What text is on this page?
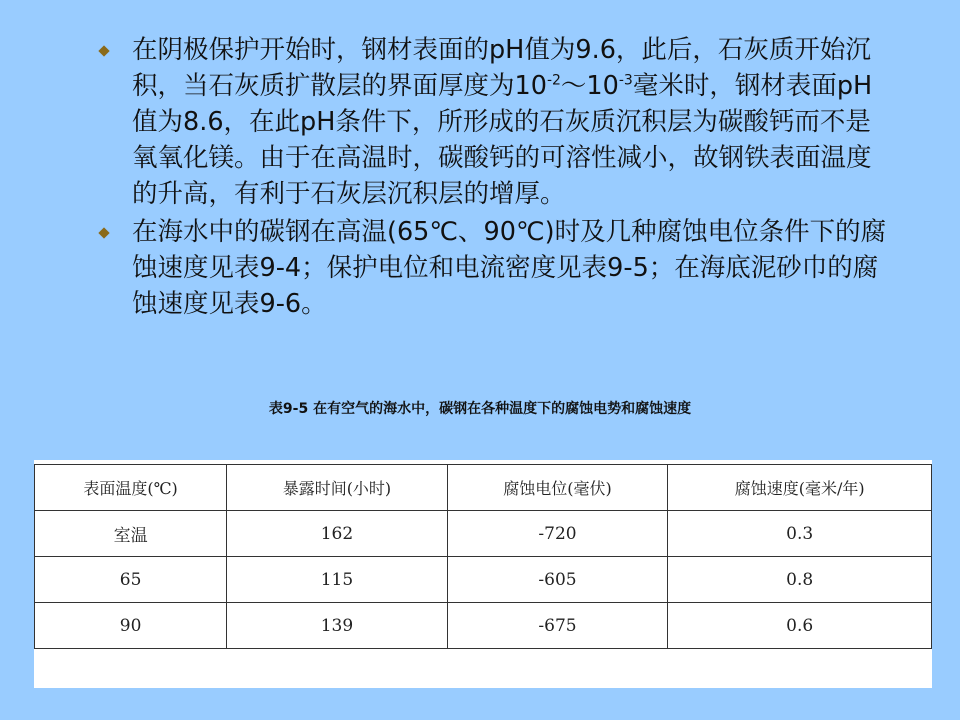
在阴极保护开始时，钢材表面的pH值为9.6，此后，石灰质开始沉积，当石灰质扩散层的界面厚度为$10^{-2}\sim 10^{-3}$毫米时，钢材表面pH值为8.6，在此pH条件下，所形成的石灰质沉积层为碳酸钙而不是氧氧化镁。由于在高温时，碳酸钙的可溶性减小，故钢铁表面温度的升高，有利于石灰层沉积层的增厚。
在海水中的碳钢在高温(65℃、90℃)时及几种腐蚀电位条件下的腐蚀速度见表9-4；保护电位和电流密度见表9-5；在海底泥砂巾的腐蚀速度见表9-6。
表9-5 在有空气的海水中，碳钢在各种温度下的腐蚀电势和腐蚀速度
表面温度(℃)	暴露时间(小时)	腐蚀电位(毫伏)	腐蚀速度(毫米/年)
室温	162	-720	0.3
65	115	-605	0.8
90	139	-675	0.6
